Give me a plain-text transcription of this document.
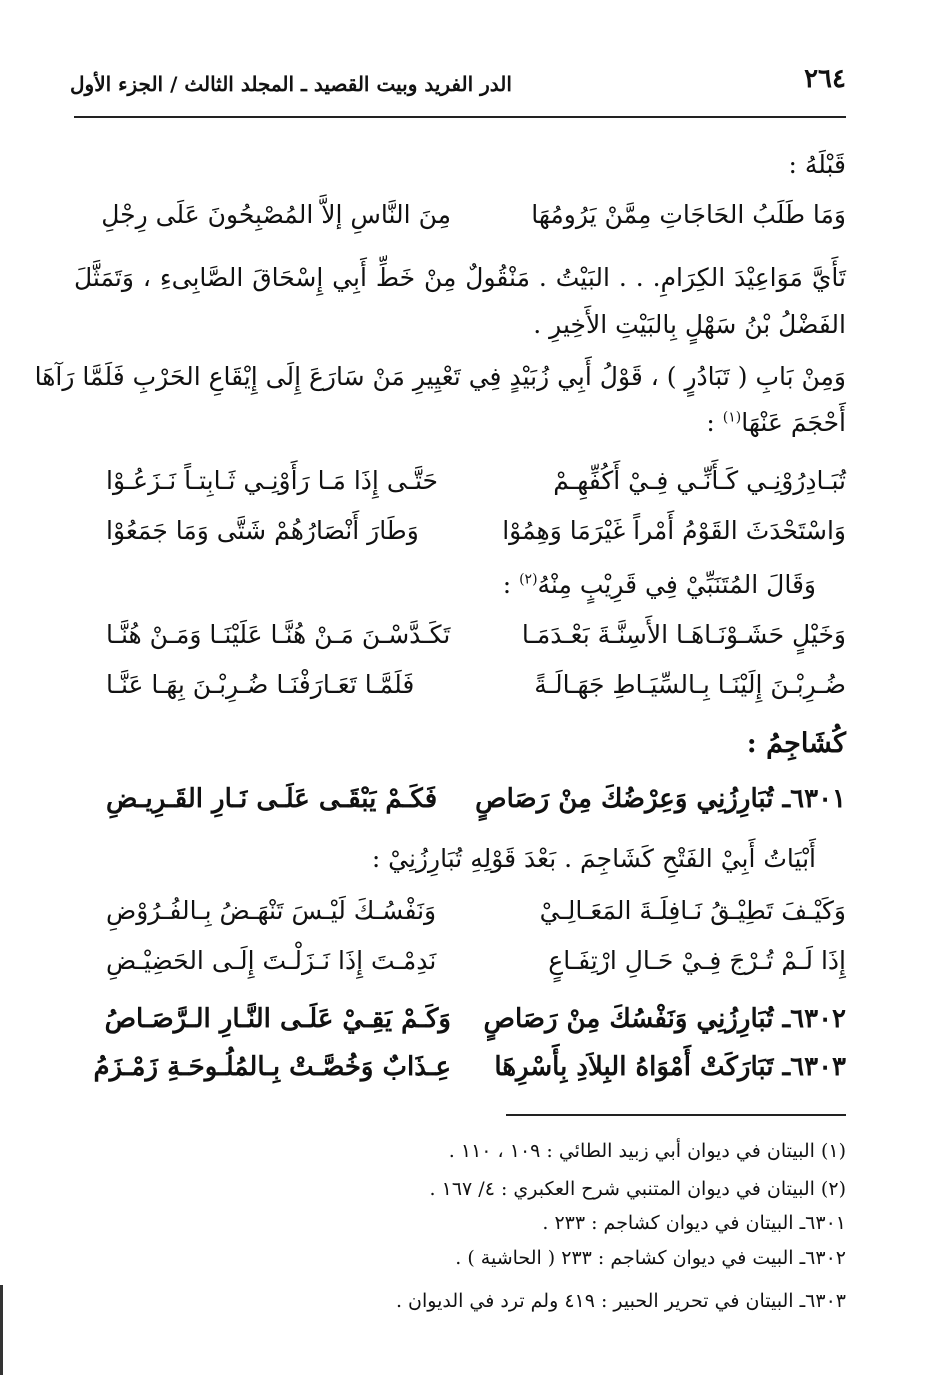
٢٦٤
الدر الفريد وبيت القصيد ـ المجلد الثالث / الجزء الأول
قَبْلَهُ :
وَمَا طَلَبُ الحَاجَاتِ مِمَّنْ يَرُومُهَا
مِنَ النَّاسِ إلاَّ المُصْبِحُونَ عَلَى رِجْلِ
تَأَيَّ مَوَاعِيْدَ الكِرَامِ. . . البَيْتُ . مَنْقُولٌ مِنْ خَطِّ أَبِي إِسْحَاقَ الصَّابِىءِ ، وَتَمَثَّلَ
الفَضْلُ بْنُ سَهْلٍ بِالبَيْتِ الأَخِيرِ .
وَمِنْ بَابِ ( تَبَادُرٍ ) ، قَوْلُ أَبِي زُبَيْدٍ فِي تَعْيِيرِ مَنْ سَارَعَ إِلَى إِيْقَاعِ الحَرْبِ فَلَمَّا رَآهَا
أَحْجَمَ عَنْهَا$^{(١)}$ :
تُبَـادِرُوْنِـي كَـأَنِّـي فِـيْ أَكُفِّهِـمْ
حَتَّـى إِذَا مَـا رَأَوْنِـي ثَـابِتـاً نَـزَعُـوْا
وَاسْتَحْدَثَ القَوْمُ أَمْراً غَيْرَمَا وَهِمُوْا
وَطَارَ أَنْصَارُهُمْ شَتَّى وَمَا جَمَعُوْا
وَقَالَ المُتَنَبِّيْ فِي قَرِيْبٍ مِنْهُ$^{(٢)}$ :
وَخَيْلٍ حَشَـوْنَـاهَـا الأَسِنَّـةَ بَعْـدَمَـا
تَكَـدَّسْـنَ مَـنْ هُنَّـا عَلَيْنَـا وَمَـنْ هُنَّـا
ضُـرِبْـنَ إِلَيْنَـا بِـالسِّيَـاطِ جَهَـالَـةً
فَلَمَّـا تَعَـارَفْنَـا ضُـرِبْـنَ بِهَـا عَنَّـا
كُشَاجِمُ :
٦٣٠١ـ تُبَارِزُنِي وَعِرْضُكَ مِنْ رَصَاصٍ
فَكَـمْ يَبْقَـى عَلَـى نَـارِ القَـرِيـضِ
أَبْيَاتُ أَبِيْ الفَتْحِ كَشَاجِمَ . بَعْدَ قَوْلِهِ تُبَارِزُنِيْ :
وَكَيْـفَ تَطِيْـقُ نَـافِلَـةَ المَعَـالِـيْ
وَنَفْسُـكَ لَيْـسَ تَنْهَـضُ بِـالفُـرُوْضِ
إِذَا لَـمْ تُـرْجَ فِـيْ حَـالِ ارْتِفَـاعٍ
نَدِمْـتَ إِذَا نَـزَلْـتَ إِلَـى الحَضِيْـضِ
٦٣٠٢ـ تُبَارِزُنِي وَنَفْسُكَ مِنْ رَصَاصٍ
وَكَـمْ يَقِـيْ عَلَـى النَّـارِ الـرَّصَـاصُ
٦٣٠٣ـ تَبَارَكَتْ أَمْوَاهُ البِلاَدِ بِأَسْرِهَا
عِـذَابٌ وَخُصَّـتْ بِـالمُلُـوحَـةِ زَمْـزَمُ
(١) البيتان في ديوان أبي زبيد الطائي : ١٠٩ ، ١١٠ .
(٢) البيتان في ديوان المتنبي شرح العكبري : ٤/ ١٦٧ .
٦٣٠١ـ البيتان في ديوان كشاجم : ٢٣٣ .
٦٣٠٢ـ البيت في ديوان كشاجم : ٢٣٣ ( الحاشية ) .
٦٣٠٣ـ البيتان في تحرير الحبير : ٤١٩ ولم ترد في الديوان .
